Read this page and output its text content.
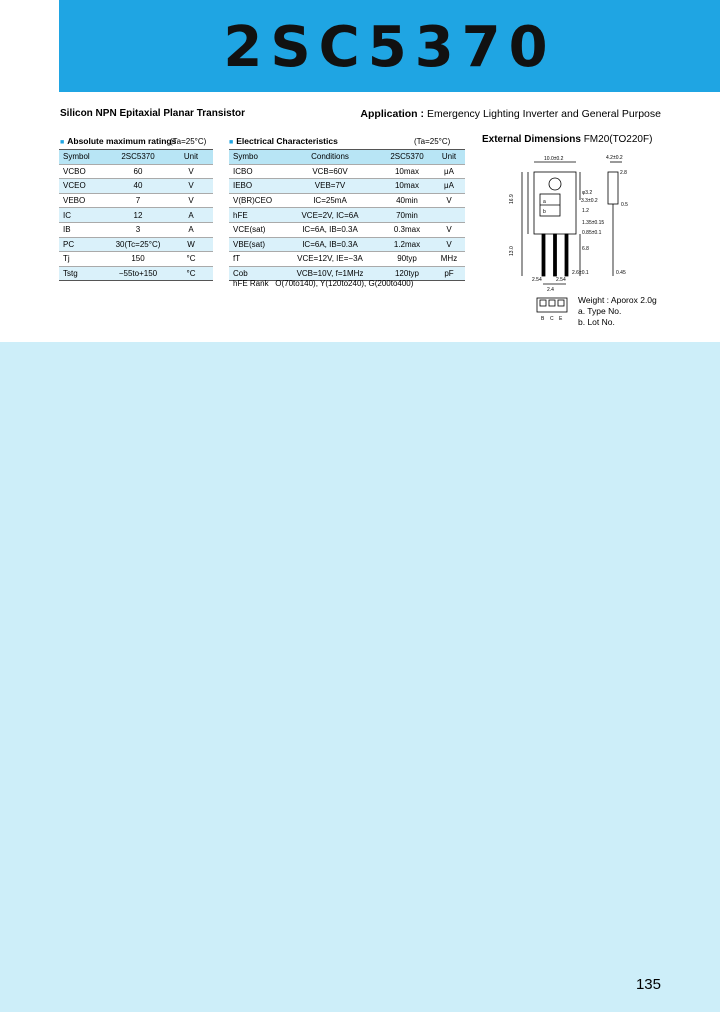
2SC5370
Silicon NPN Epitaxial Planar Transistor	Application : Emergency Lighting Inverter and General Purpose
■ Absolute maximum ratings
(Ta=25°C)
Symbol	2SC5370	Unit
VCBO	60	V
VCEO	40	V
VEBO	7	V
IC	12	A
IB	3	A
PC	30(Tc=25°C)	W
Tj	150	°C
Tstg	−55to+150	°C
■ Electrical Characteristics	(Ta=25°C)
Symbo	Conditions	2SC5370	Unit
ICBO	VCB=60V	10max	μA
IEBO	VEB=7V	10max	μA
V(BR)CEO	IC=25mA	40min	V
hFE	VCE=2V, IC=6A	70min	
VCE(sat)	IC=6A, IB=0.3A	0.3max	V
VBE(sat)	IC=6A, IB=0.3A	1.2max	V
fT	VCE=12V, IE=−3A	90typ	MHz
Cob	VCB=10V, f=1MHz	120typ	pF
hFE Rank O(70to140), Y(120to240), G(200to400)
External Dimensions FM20(TO220F)
10.0±0.2	4.2±0.2
2.8
3.3±0.2
0.5
1.2
1.35±0.15
0.85±0.1
2.54	2.54
2.6±0.1	0.45
2.4
φ3.2
16.9
13.0	6.8
a
b
B C E
Weight : Aporox 2.0g
a. Type No.
b. Lot No.
135
